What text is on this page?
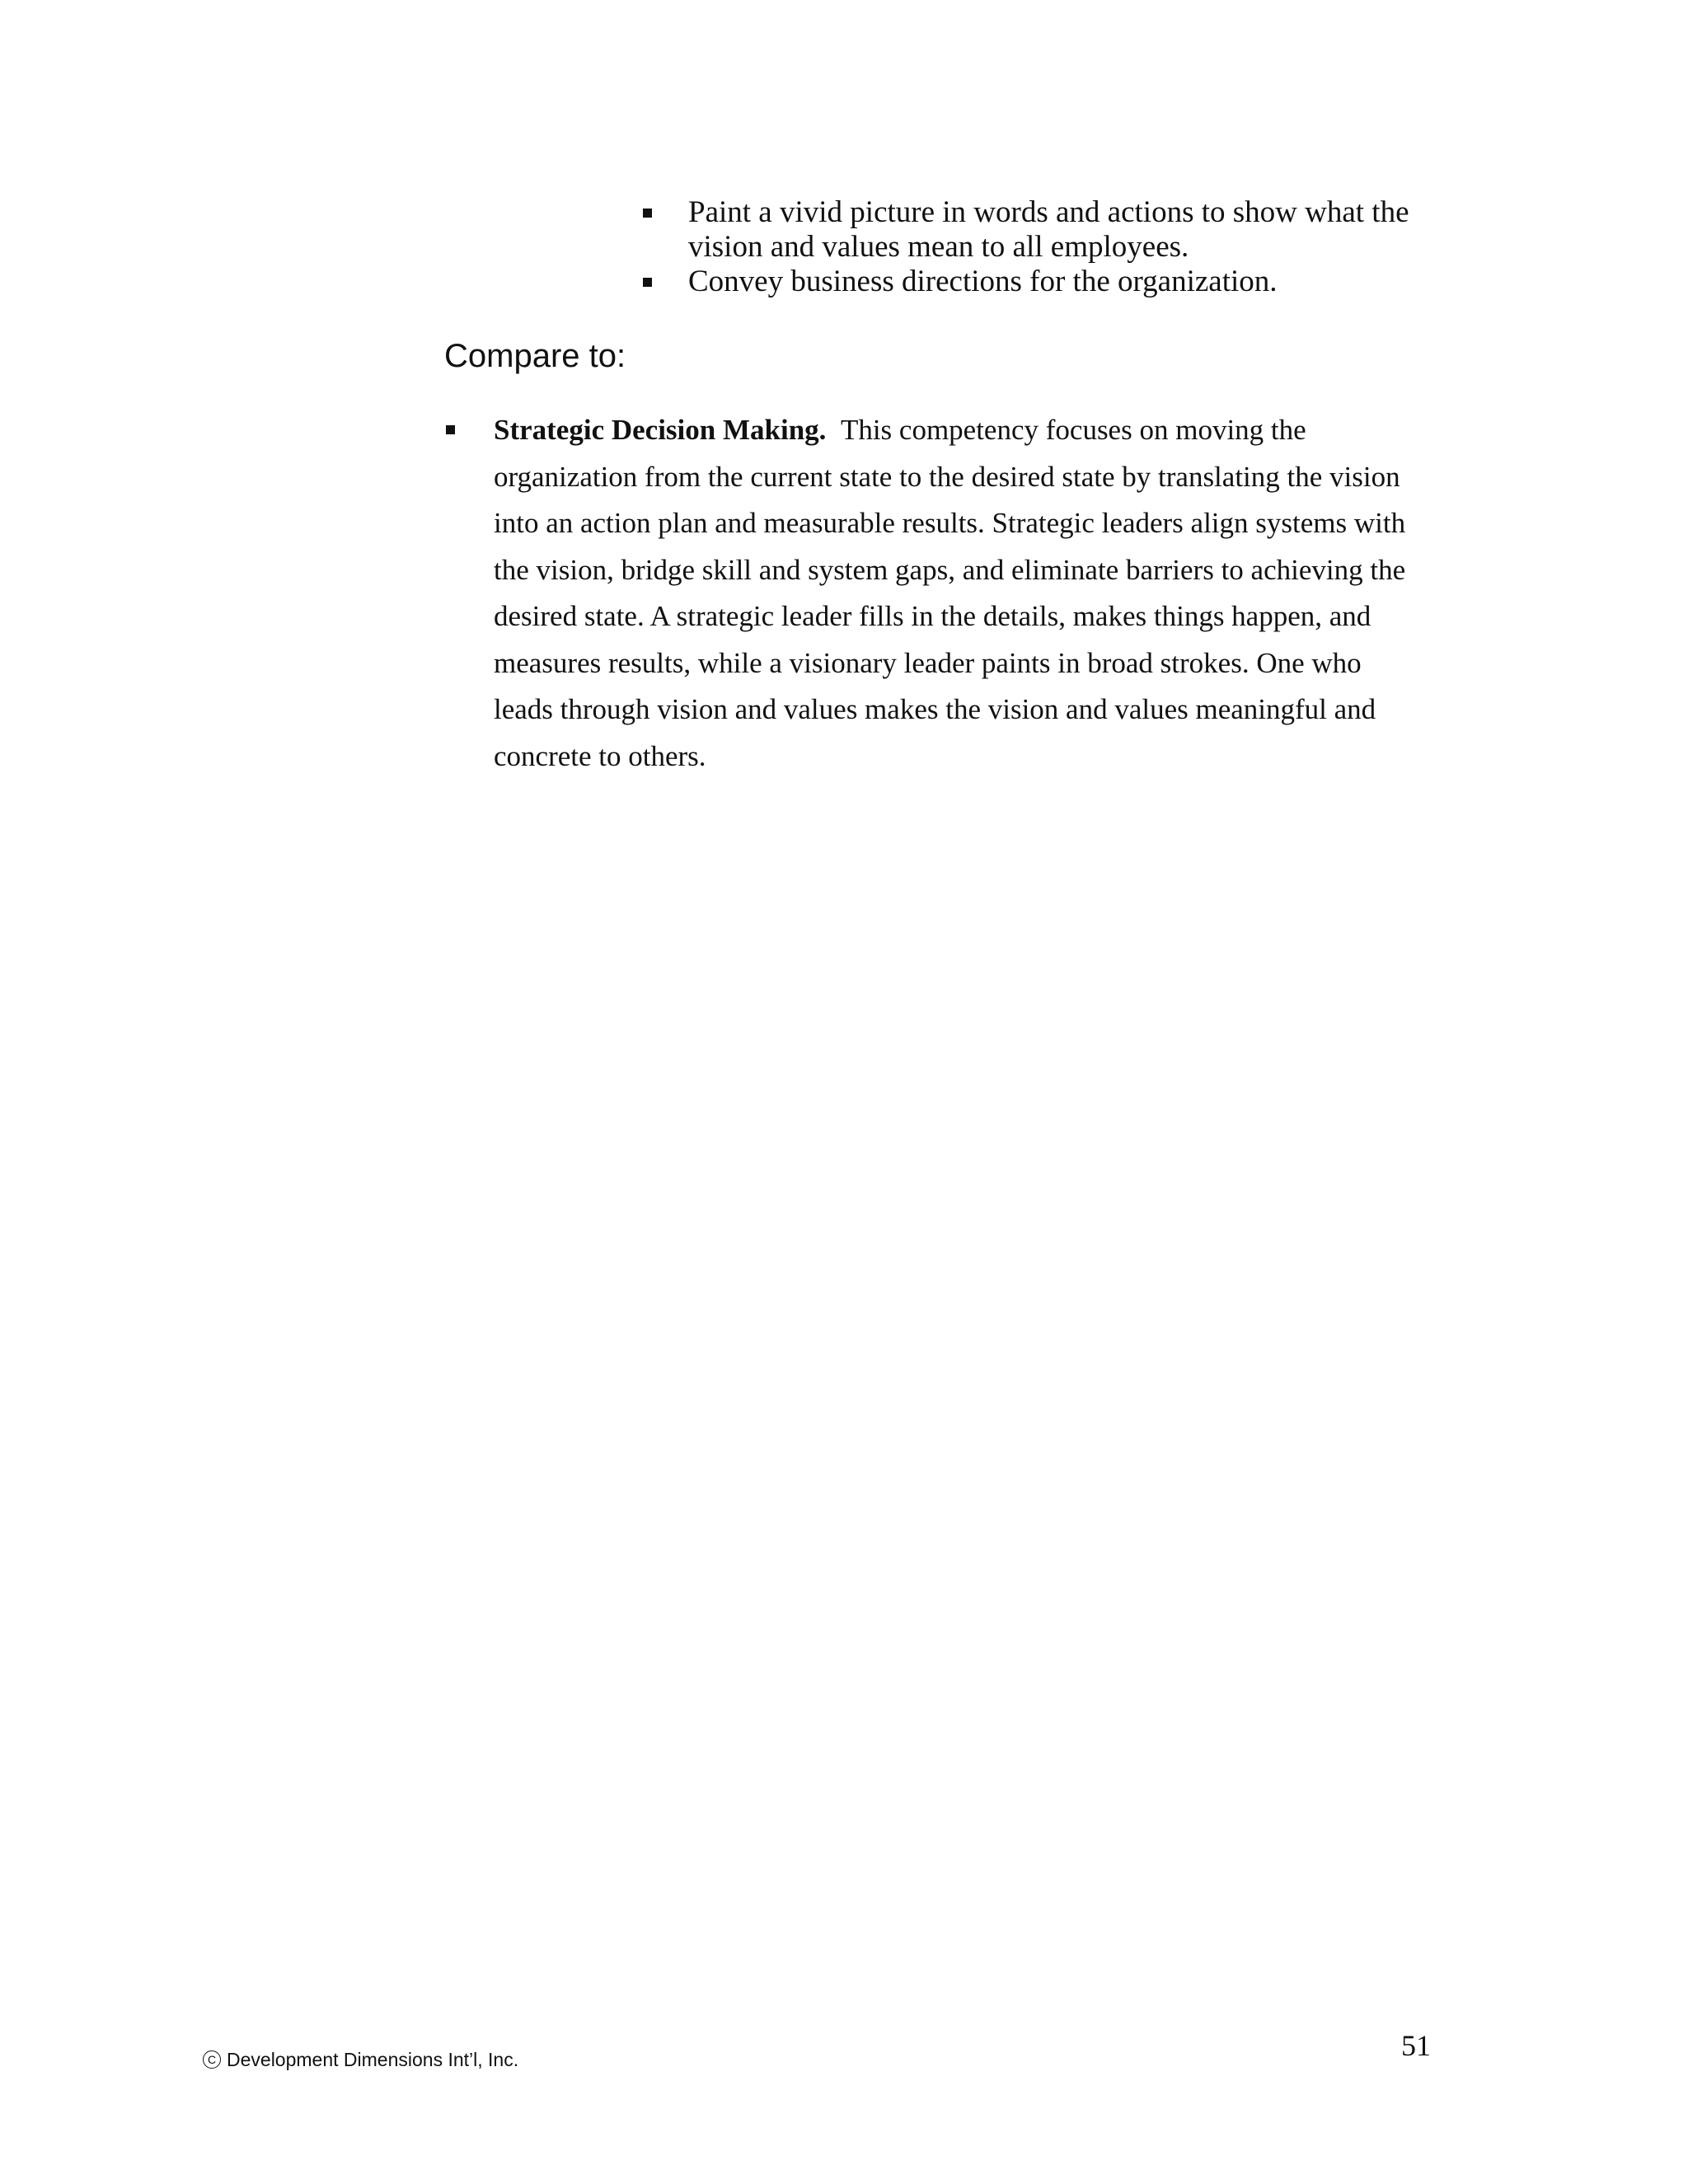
Paint a vivid picture in words and actions to show what the vision and values mean to all employees.
Convey business directions for the organization.
Compare to:
Strategic Decision Making. This competency focuses on moving the organization from the current state to the desired state by translating the vision into an action plan and measurable results. Strategic leaders align systems with the vision, bridge skill and system gaps, and eliminate barriers to achieving the desired state. A strategic leader fills in the details, makes things happen, and measures results, while a visionary leader paints in broad strokes. One who leads through vision and values makes the vision and values meaningful and concrete to others.
C Development Dimensions Int’l, Inc.	51
